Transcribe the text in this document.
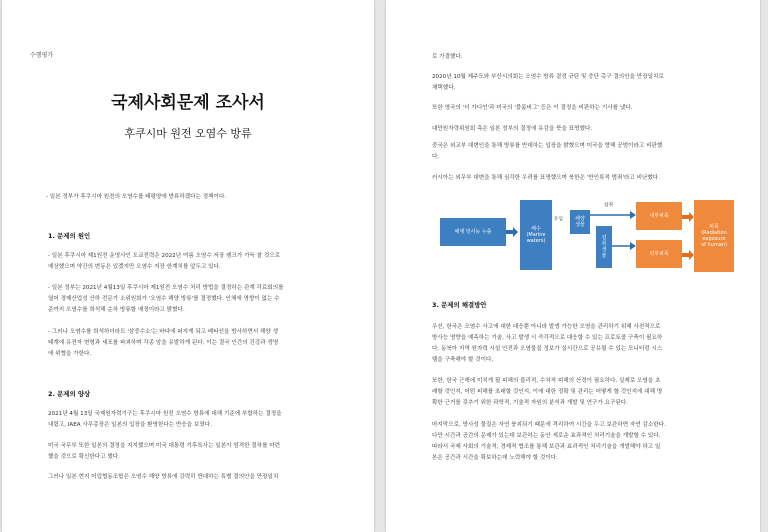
수행평가

국제사회문제 조사서

후쿠시마 원전 오염수 방류

- 일본 정부가 후쿠시마 원전의 오염수를 태평양에 방류하겠다는 정책이다.

1. 문제의 원인

- 일본 후쿠시마 제1원전 운영사인 도쿄전력은 2022년 여름 오염수 저장 탱크가 가득 찰 것으로

예상했으며 약간의 변동은 있겠지만 오염수 저장 한계치를 앞두고 있다.

- 일본 정부는 2021년 4월13일 후쿠시마 제1원전 오염수 처리 방법을 결정하는 관계 각료회의를

열어 경제산업성 산하 전문가 소위원회가 '오염수 해양 방류'를 결정했다. 인체에 영향이 없는 수

준까지 오염수를 희석해 순차 방류할 예정이라고 밝혔다.

- 그러나 오염수를 희석하더라도 '삼중수소'는 바다에 퍼지게 되고 베타선을 방사하면서 해양 생

태계에 유전자 변형과 세포를 파괴하며 각종 암을 유발하게 된다. 이는 결국 인간의 건강과 생명

에 위협을 가한다.

2. 문제의 양상

2021년 4월 13일 국제원자력기구는 후쿠시마 원전 오염수 방류에 대해 기준에 부합하는 결정을

내렸고, IAEA 사무총장은 일본의 입장을 환영한다는 반응을 보였다.

미국 국무부 또한 일본의 결정을 지지했으며 미국 대통령 기후특사는 일본이 엄격한 절차를 마련

했을 것으로 확신한다고 했다.

그러나 일본 현지 어업협동조합은 오염수 해양 방류에 강력히 반대하는 특별 결의안을 만장일치

로 가결했다.

2020년 10월 제주도와 부산시의회는 오염수 방류 결정 규탄 및 중단 촉구 결의안을 만장일치로

채택했다.

또한 영국의 '더 가디언'과 미국의 '블룸버그' 등은 이 결정을 비판하는 기사를 냈다.

대만원자력위원회 측은 일본 정부의 결정에 유감을 뜻을 표명했다.

중국은 외교부 대변인을 통해 방류를 반대하는 입장을 밝혔으며 미국을 향해 공범이라고 비판했

다.

러시아는 외무부 대변을 통해 심각한 우려를 표명했으며 북한은 '반인류적 범죄'라고 비난했다.

해제 방사능 누출	해수
(Marine
waters)
유입	해양
생물
섭취
섭
취
생
물
내부피폭
외부피폭
피폭
(Radiation
exposure
of human)

3. 문제의 해결방안

우선, 한국은 오염수 사고에 대한 대응뿐 아니라 발생 가능한 오염을 관리하기 위해 사전적으로

방사능 영향을 예측하는 기술, 사고 발생 시 즉각적으로 대응할 수 있는 프로토콜 구축이 필요하

다. 동북아 지역 원자력 시설 안전과 오염물질 정보가 실시간으로 공유될 수 있는 모니터링 시스

템을 구축해야 할 것이다.

또한, 한국 근해에 미치게 될 피해의 물리적, 수치적 피해의 산정이 필요하다. 실제로 오염을 초

래할 것인지, 어떤 피해를 초래할 것인지, 이에 대한 정확 및 관리는 어떻게 할 것인지에 대해 명

확한 근거를 갖추기 위한 과학적, 기술적 자원의 분석과 개발 및 연구가 요구된다.

마지막으로, 방사성 물질은 자연 붕괴되기 때문에 격리하여 시간을 두고 보관하면 자연 감소한다.

다만 시간과 공간의 문제가 있는데 보관하는 동안 새로운 효과적인 처리기술을 개발할 수 있다.

따라서 국제 사회의 기술적, 경제적 협조를 통해 보관과 효과적인 처리기술을 개발해야 하고 일

본은 공간과 시간을 확보하는데 노력해야 할 것이다.
